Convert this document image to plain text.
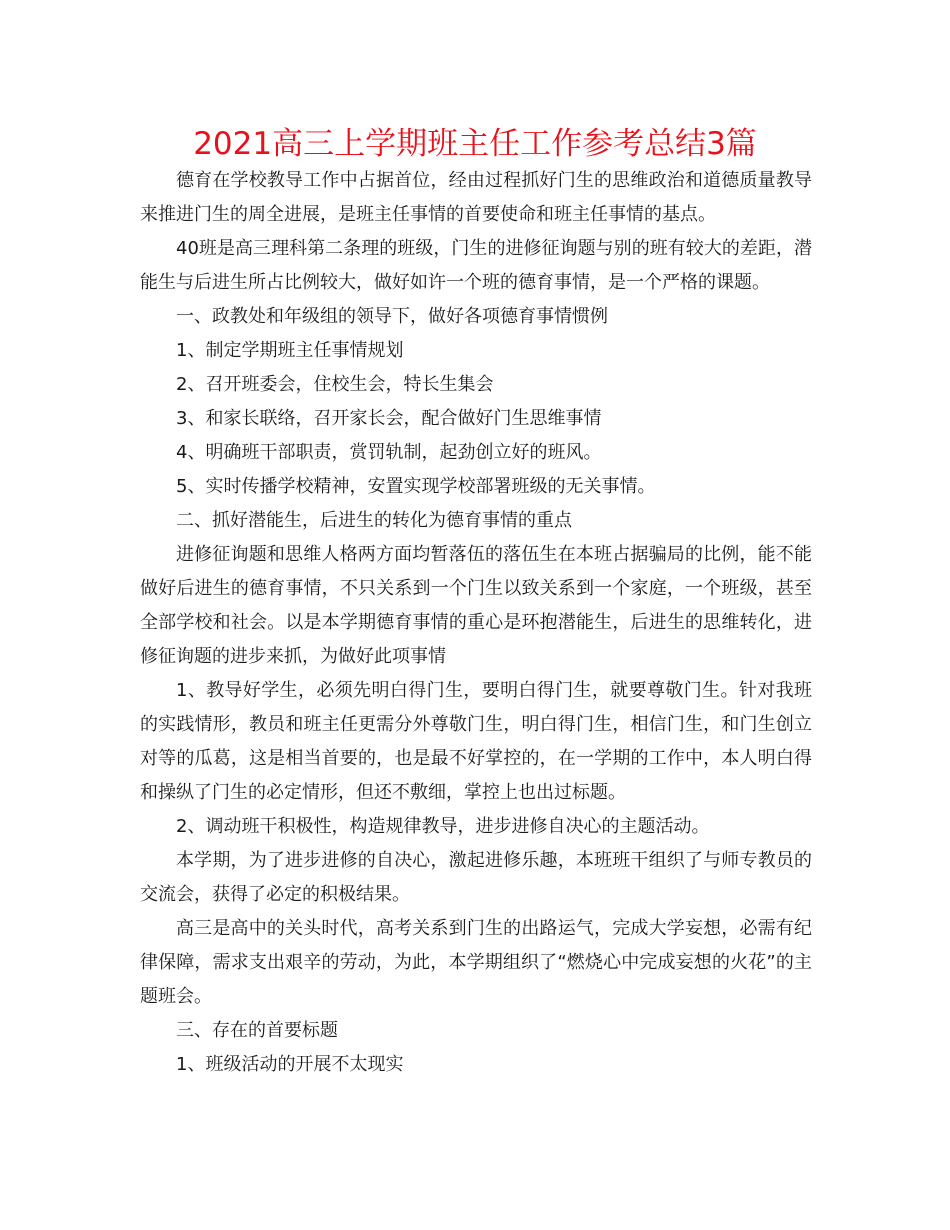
2021高三上学期班主任工作参考总结3篇

德育在学校教导工作中占据首位，经由过程抓好门生的思维政治和道德质量教导来推进门生的周全进展，是班主任事情的首要使命和班主任事情的基点。

40班是高三理科第二条理的班级，门生的进修征询题与别的班有较大的差距，潜能生与后进生所占比例较大，做好如许一个班的德育事情，是一个严格的课题。

一、政教处和年级组的领导下，做好各项德育事情惯例

1、制定学期班主任事情规划

2、召开班委会，住校生会，特长生集会

3、和家长联络，召开家长会，配合做好门生思维事情

4、明确班干部职责，赏罚轨制，起劲创立好的班风。

5、实时传播学校精神，安置实现学校部署班级的无关事情。

二、抓好潜能生，后进生的转化为德育事情的重点

进修征询题和思维人格两方面均暂落伍的落伍生在本班占据骗局的比例，能不能做好后进生的德育事情，不只关系到一个门生以致关系到一个家庭，一个班级，甚至全部学校和社会。以是本学期德育事情的重心是环抱潜能生，后进生的思维转化，进修征询题的进步来抓，为做好此项事情

1、教导好学生，必须先明白得门生，要明白得门生，就要尊敬门生。针对我班的实践情形，教员和班主任更需分外尊敬门生，明白得门生，相信门生，和门生创立对等的瓜葛，这是相当首要的，也是最不好掌控的，在一学期的工作中，本人明白得和操纵了门生的必定情形，但还不敷细，掌控上也出过标题。

2、调动班干积极性，构造规律教导，进步进修自决心的主题活动。

本学期，为了进步进修的自决心，激起进修乐趣，本班班干组织了与师专教员的交流会，获得了必定的积极结果。

高三是高中的关头时代，高考关系到门生的出路运气，完成大学妄想，必需有纪律保障，需求支出艰辛的劳动，为此，本学期组织了“燃烧心中完成妄想的火花”的主题班会。

三、存在的首要标题

1、班级活动的开展不太现实
